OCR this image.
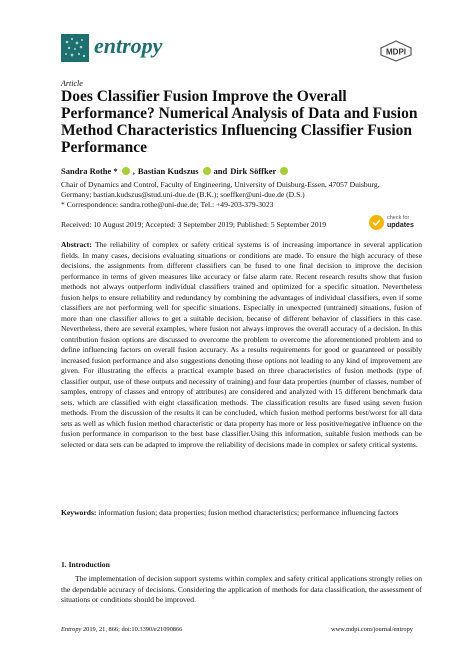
entropy	MDPI
Article
Does Classifier Fusion Improve the Overall Performance? Numerical Analysis of Data and Fusion Method Characteristics Influencing Classifier Fusion Performance
Sandra Rothe * , Bastian Kudszus and Dirk Söffker
Chair of Dynamics and Control, Faculty of Engineering, University of Duisburg-Essen, 47057 Duisburg, Germany; bastian.kudszus@stud.uni-due.de (B.K.); soeffker@uni-due.de (D.S.)
* Correspondence: sandra.rothe@uni-due.de; Tel.: +49-203-379-3023
Received: 10 August 2019; Accepted: 3 September 2019; Published: 5 September 2019
check for
updates
Abstract: The reliability of complex or safety critical systems is of increasing importance in several application fields. In many cases, decisions evaluating situations or conditions are made. To ensure the high accuracy of these decisions, the assignments from different classifiers can be fused to one final decision to improve the decision performance in terms of given measures like accuracy or false alarm rate. Recent research results show that fusion methods not always outperform individual classifiers trained and optimized for a specific situation. Nevertheless fusion helps to ensure reliability and redundancy by combining the advantages of individual classifiers, even if some classifiers are not performing well for specific situations. Especially in unexpected (untrained) situations, fusion of more than one classifier allows to get a suitable decision, because of different behavior of classifiers in this case. Nevertheless, there are several examples, where fusion not always improves the overall accuracy of a decision. In this contribution fusion options are discussed to overcome the problem to overcome the aforementioned problem and to define influencing factors on overall fusion accuracy. As a results requirements for good or guaranteed or possibly increased fusion performance and also suggestions denoting those options not leading to any kind of improvement are given. For illustrating the effects a practical example based on three characteristics of fusion methods (type of classifier output, use of these outputs and necessity of training) and four data properties (number of classes, number of samples, entropy of classes and entropy of attributes) are considered and analyzed with 15 different benchmark data sets, which are classified with eight classification methods. The classification results are fused using seven fusion methods. From the discussion of the results it can be concluded, which fusion method performs best/worst for all data sets as well as which fusion method characteristic or data property has more or less positive/negative influence on the fusion performance in comparison to the best base classifier.Using this information, suitable fusion methods can be selected or data sets can be adapted to improve the reliability of decisions made in complex or safety critical systems.
Keywords: information fusion; data properties; fusion method characteristics; performance influencing factors
1. Introduction
The implementation of decision support systems within complex and safety critical applications strongly relies on the dependable accuracy of decisions. Considering the application of methods for data classification, the assessment of situations or conditions should be improved.
Entropy 2019, 21, 866; doi:10.3390/e21090866	www.mdpi.com/journal/entropy
